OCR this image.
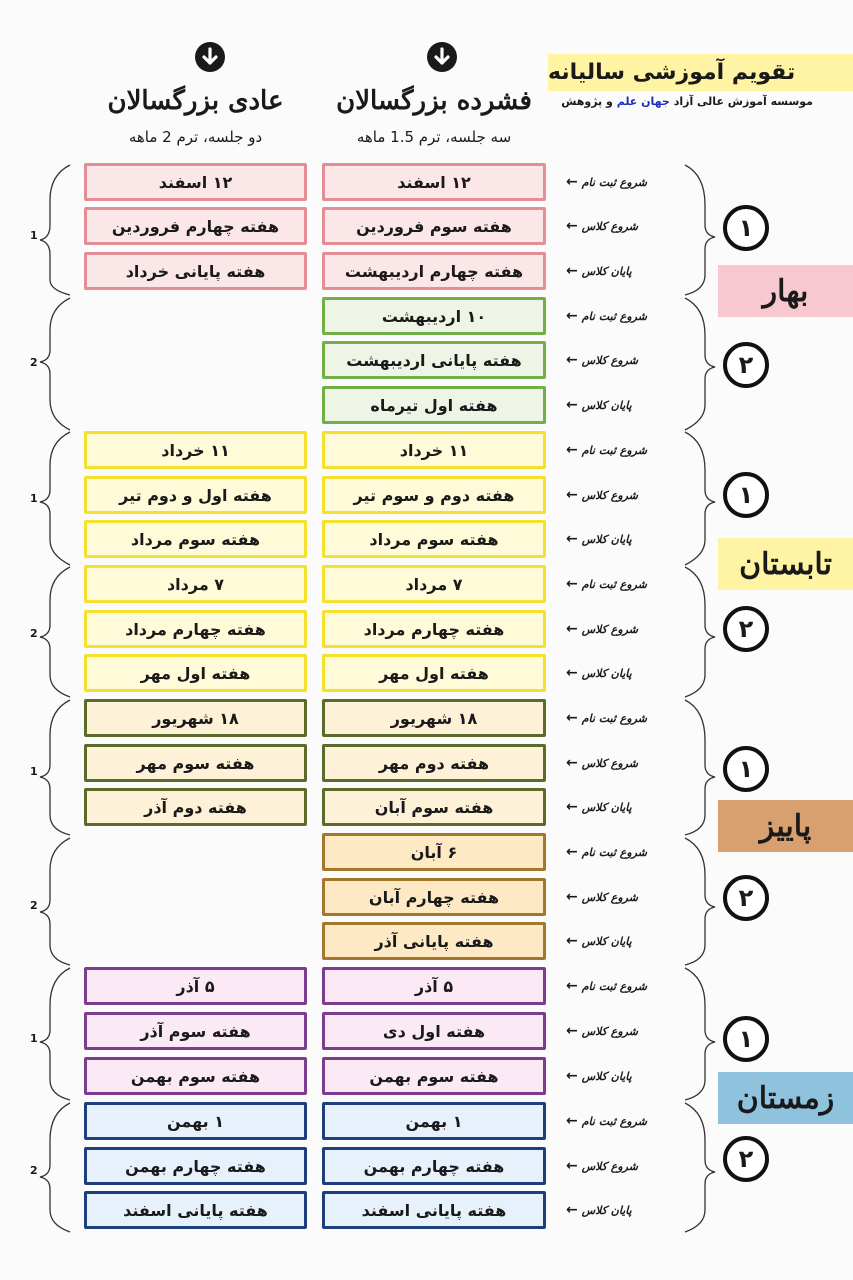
تقویم آموزشی سالیانه
موسسه آموزش عالی آزاد جهان علم و پژوهش
فشرده بزرگسالان
سه جلسه، ترم 1.5 ماهه
عادی بزرگسالان
دو جلسه، ترم 2 ماهه
1
2
1
2
1
2
1
2
بهار
تابستان
پاییز
زمستان
۱
۲
۱
۲
۱
۲
۱
۲
← شروع ثبت نام
← شروع کلاس
← پایان کلاس
← شروع ثبت نام
← شروع کلاس
← پایان کلاس
← شروع ثبت نام
← شروع کلاس
← پایان کلاس
← شروع ثبت نام
← شروع کلاس
← پایان کلاس
← شروع ثبت نام
← شروع کلاس
← پایان کلاس
← شروع ثبت نام
← شروع کلاس
← پایان کلاس
← شروع ثبت نام
← شروع کلاس
← پایان کلاس
← شروع ثبت نام
← شروع کلاس
← پایان کلاس
۱۲ اسفند
هفته سوم فروردین
هفته چهارم اردیبهشت
۱۰ اردیبهشت
هفته پایانی اردیبهشت
هفته اول تیرماه
۱۱ خرداد
هفته دوم و سوم تیر
هفته سوم مرداد
۷ مرداد
هفته چهارم مرداد
هفته اول مهر
۱۸ شهریور
هفته دوم مهر
هفته سوم آبان
۶ آبان
هفته چهارم آبان
هفته پایانی آذر
۵ آذر
هفته اول دی
هفته سوم بهمن
۱ بهمن
هفته چهارم بهمن
هفته پایانی اسفند
۱۲ اسفند
هفته چهارم فروردین
هفته پایانی خرداد
۱۱ خرداد
هفته اول و دوم تیر
هفته سوم مرداد
۷ مرداد
هفته چهارم مرداد
هفته اول مهر
۱۸ شهریور
هفته سوم مهر
هفته دوم آذر
۵ آذر
هفته سوم آذر
هفته سوم بهمن
۱ بهمن
هفته چهارم بهمن
هفته پایانی اسفند
